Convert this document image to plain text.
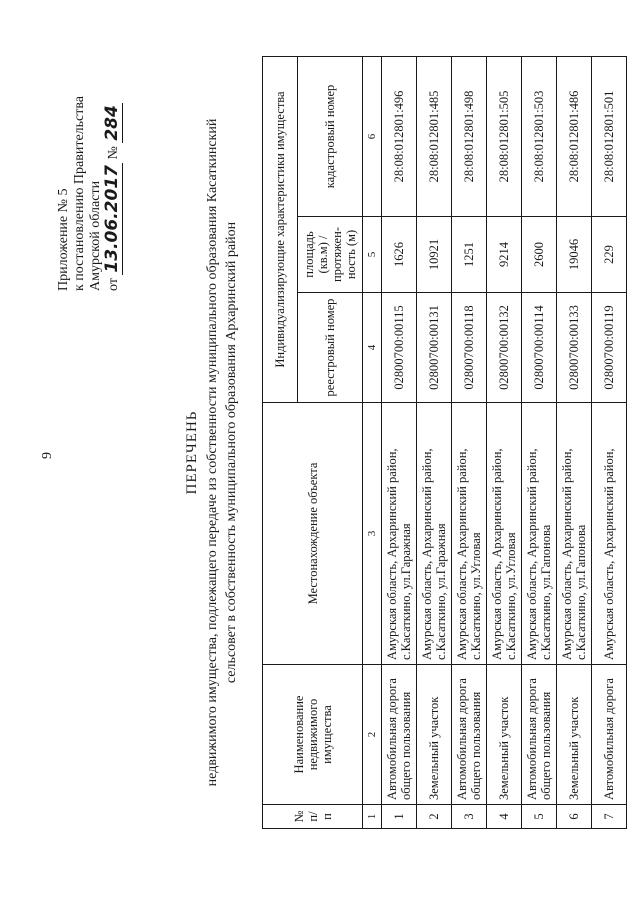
9
Приложение № 5 к постановлению Правительства Амурской области от 13.06.2017 № 284
ПЕРЕЧЕНЬ недвижимого имущества, подлежащего передаче из собственности муниципального образования Касаткинский сельсовет в собственность муниципального образования Архаринский район
№ п/п	Наименование недвижимого имущества	Местонахождение объекта	Индивидуализирующие характеристики имущества		
			реестровый номер	площадь (кв.м) / протяжен-ность (м)	кадастровый номер
1	2	3	4	5	6
1	Автомобильная дорога общего пользования	Амурская область, Архаринский район, с.Касаткино, ул.Гаражная	02800700:00115	1626	28:08:012801:496
2	Земельный участок	Амурская область, Архаринский район, с.Касаткино, ул.Гаражная	02800700:00131	10921	28:08:012801:485
3	Автомобильная дорога общего пользования	Амурская область, Архаринский район, с.Касаткино, ул.Угловая	02800700:00118	1251	28:08:012801:498
4	Земельный участок	Амурская область, Архаринский район, с.Касаткино, ул.Угловая	02800700:00132	9214	28:08:012801:505
5	Автомобильная дорога общего пользования	Амурская область, Архаринский район, с.Касаткино, ул.Гапонова	02800700:00114	2600	28:08:012801:503
6	Земельный участок	Амурская область, Архаринский район, с.Касаткино, ул.Гапонова	02800700:00133	19046	28:08:012801:486
7	Автомобильная дорога	Амурская область, Архаринский район,	02800700:00119	229	28:08:012801:501
